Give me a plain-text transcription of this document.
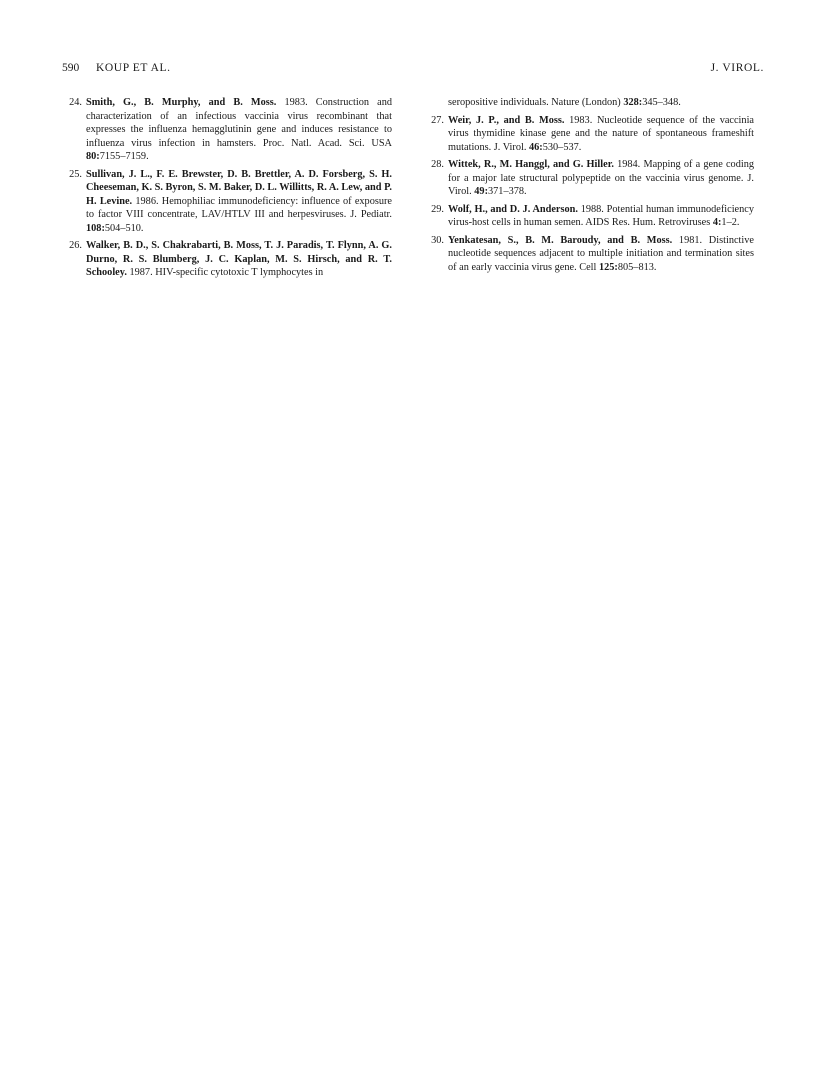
590 KOUP ET AL.	J. VIROL.
24. Smith, G., B. Murphy, and B. Moss. 1983. Construction and characterization of an infectious vaccinia virus recombinant that expresses the influenza hemagglutinin gene and induces resistance to influenza virus infection in hamsters. Proc. Natl. Acad. Sci. USA 80:7155–7159.
25. Sullivan, J. L., F. E. Brewster, D. B. Brettler, A. D. Forsberg, S. H. Cheeseman, K. S. Byron, S. M. Baker, D. L. Willitts, R. A. Lew, and P. H. Levine. 1986. Hemophiliac immunodeficiency: influence of exposure to factor VIII concentrate, LAV/HTLV III and herpesviruses. J. Pediatr. 108:504–510.
26. Walker, B. D., S. Chakrabarti, B. Moss, T. J. Paradis, T. Flynn, A. G. Durno, R. S. Blumberg, J. C. Kaplan, M. S. Hirsch, and R. T. Schooley. 1987. HIV-specific cytotoxic T lymphocytes in
seropositive individuals. Nature (London) 328:345–348.
27. Weir, J. P., and B. Moss. 1983. Nucleotide sequence of the vaccinia virus thymidine kinase gene and the nature of spontaneous frameshift mutations. J. Virol. 46:530–537.
28. Wittek, R., M. Hanggl, and G. Hiller. 1984. Mapping of a gene coding for a major late structural polypeptide on the vaccinia virus genome. J. Virol. 49:371–378.
29. Wolf, H., and D. J. Anderson. 1988. Potential human immunodeficiency virus-host cells in human semen. AIDS Res. Hum. Retroviruses 4:1–2.
30. Yenkatesan, S., B. M. Baroudy, and B. Moss. 1981. Distinctive nucleotide sequences adjacent to multiple initiation and termination sites of an early vaccinia virus gene. Cell 125:805–813.
